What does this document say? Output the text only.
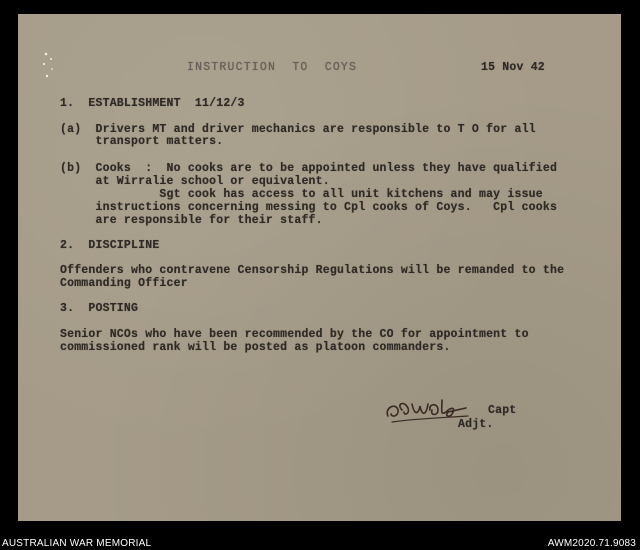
INSTRUCTION  TO  COYS	15 Nov 42
1.  ESTABLISHMENT  11/12/3
(a)  Drivers MT and driver mechanics are responsible to T O for all
transport matters.
(b)  Cooks  :  No cooks are to be appointed unless they have qualified
at Wirralie school or equivalent.
Sgt cook has access to all unit kitchens and may issue
instructions concerning messing to Cpl cooks of Coys.   Cpl cooks
are responsible for their staff.
2.  DISCIPLINE
Offenders who contravene Censorship Regulations will be remanded to the
Commanding Officer
3.  POSTING
Senior NCOs who have been recommended by the CO for appointment to
commissioned rank will be posted as platoon commanders.
Capt
Adjt.
AUSTRALIAN WAR MEMORIAL	AWM2020.71.9083
